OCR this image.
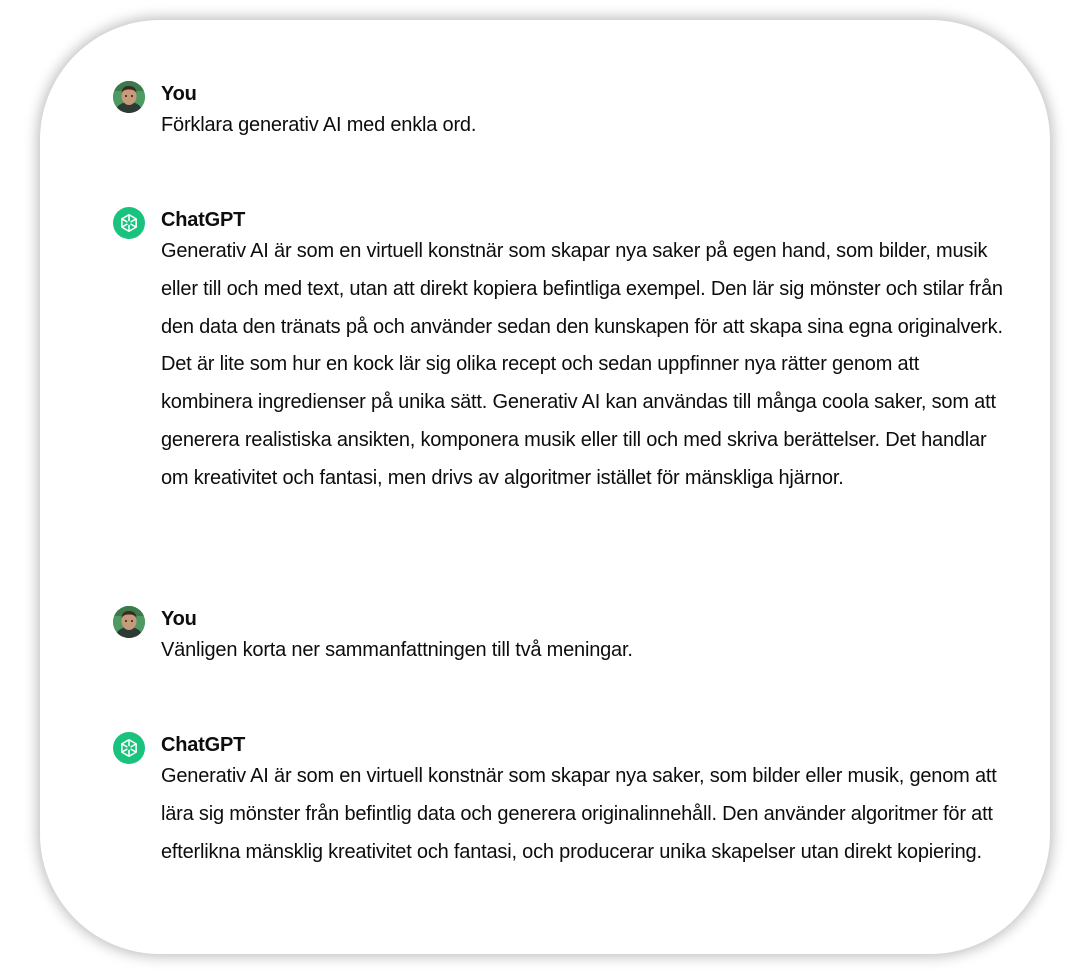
You

Förklara generativ AI med enkla ord.

ChatGPT

Generativ AI är som en virtuell konstnär som skapar nya saker på egen hand, som bilder, musik eller till och med text, utan att direkt kopiera befintliga exempel. Den lär sig mönster och stilar från den data den tränats på och använder sedan den kunskapen för att skapa sina egna originalverk. Det är lite som hur en kock lär sig olika recept och sedan uppfinner nya rätter genom att kombinera ingredienser på unika sätt. Generativ AI kan användas till många coola saker, som att generera realistiska ansikten, komponera musik eller till och med skriva berättelser. Det handlar om kreativitet och fantasi, men drivs av algoritmer istället för mänskliga hjärnor.

You

Vänligen korta ner sammanfattningen till två meningar.

ChatGPT

Generativ AI är som en virtuell konstnär som skapar nya saker, som bilder eller musik, genom att lära sig mönster från befintlig data och generera originalinnehåll. Den använder algoritmer för att efterlikna mänsklig kreativitet och fantasi, och producerar unika skapelser utan direkt kopiering.
